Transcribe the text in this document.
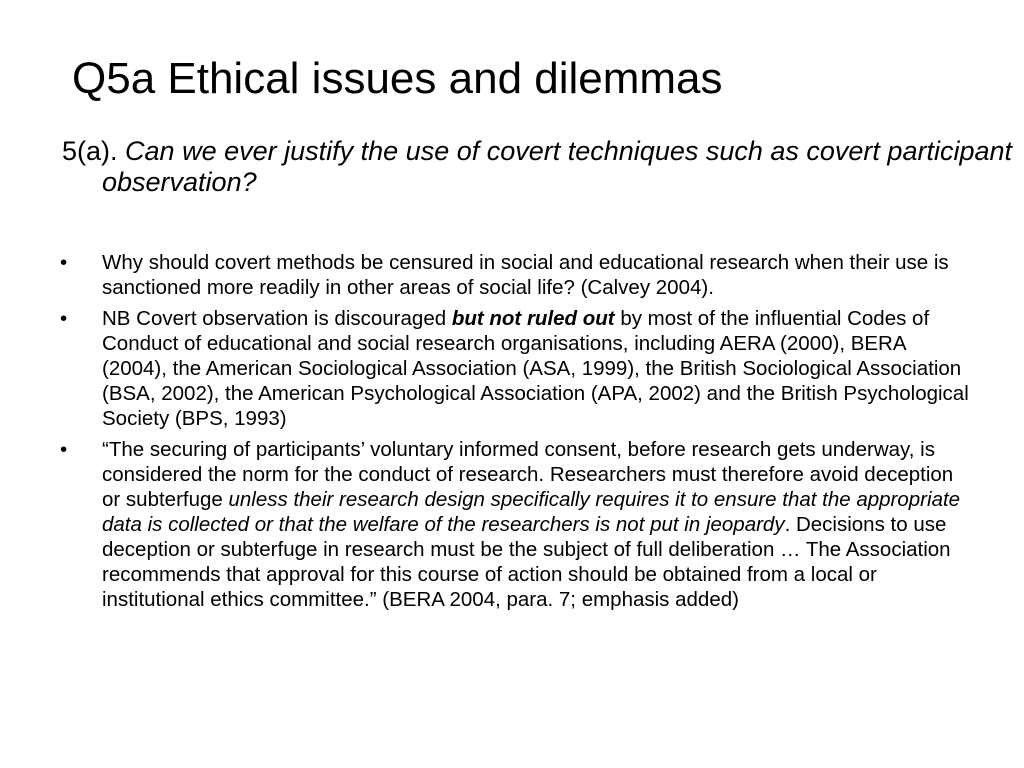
Q5a Ethical issues and dilemmas

5(a). Can we ever justify the use of covert techniques such as covert participant observation?

• Why should covert methods be censured in social and educational research when their use is sanctioned more readily in other areas of social life? (Calvey 2004).
• NB Covert observation is discouraged but not ruled out by most of the influential Codes of Conduct of educational and social research organisations, including AERA (2000), BERA (2004), the American Sociological Association (ASA, 1999), the British Sociological Association (BSA, 2002), the American Psychological Association (APA, 2002) and the British Psychological Society (BPS, 1993)
• “The securing of participants’ voluntary informed consent, before research gets underway, is considered the norm for the conduct of research. Researchers must therefore avoid deception or subterfuge unless their research design specifically requires it to ensure that the appropriate data is collected or that the welfare of the researchers is not put in jeopardy. Decisions to use deception or subterfuge in research must be the subject of full deliberation … The Association recommends that approval for this course of action should be obtained from a local or institutional ethics committee.” (BERA 2004, para. 7; emphasis added)
